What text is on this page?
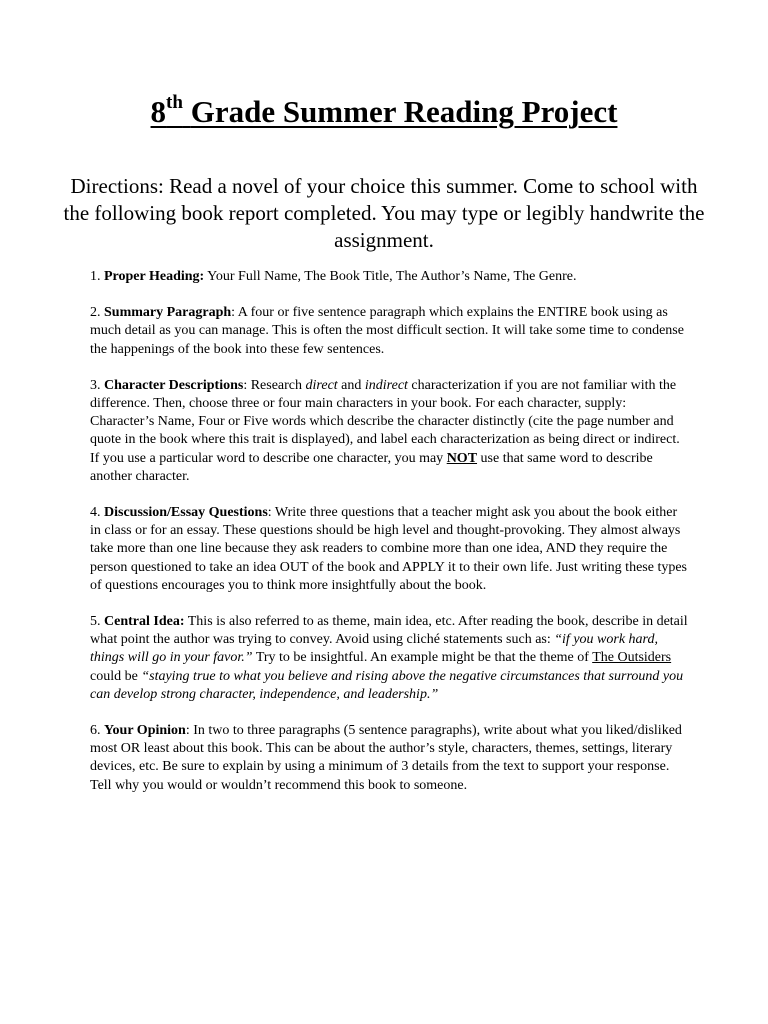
8th Grade Summer Reading Project
Directions: Read a novel of your choice this summer. Come to school with the following book report completed. You may type or legibly handwrite the assignment.

1. Proper Heading: Your Full Name, The Book Title, The Author’s Name, The Genre.

2. Summary Paragraph: A four or five sentence paragraph which explains the ENTIRE book using as much detail as you can manage. This is often the most difficult section. It will take some time to condense the happenings of the book into these few sentences.

3. Character Descriptions: Research direct and indirect characterization if you are not familiar with the difference. Then, choose three or four main characters in your book. For each character, supply: Character’s Name, Four or Five words which describe the character distinctly (cite the page number and quote in the book where this trait is displayed), and label each characterization as being direct or indirect. If you use a particular word to describe one character, you may NOT use that same word to describe another character.

4. Discussion/Essay Questions: Write three questions that a teacher might ask you about the book either in class or for an essay. These questions should be high level and thought-provoking. They almost always take more than one line because they ask readers to combine more than one idea, AND they require the person questioned to take an idea OUT of the book and APPLY it to their own life. Just writing these types of questions encourages you to think more insightfully about the book.

5. Central Idea: This is also referred to as theme, main idea, etc. After reading the book, describe in detail what point the author was trying to convey. Avoid using cliché statements such as: “if you work hard, things will go in your favor.” Try to be insightful. An example might be that the theme of The Outsiders could be “staying true to what you believe and rising above the negative circumstances that surround you can develop strong character, independence, and leadership.”

6. Your Opinion: In two to three paragraphs (5 sentence paragraphs), write about what you liked/disliked most OR least about this book. This can be about the author’s style, characters, themes, settings, literary devices, etc. Be sure to explain by using a minimum of 3 details from the text to support your response. Tell why you would or wouldn’t recommend this book to someone.
